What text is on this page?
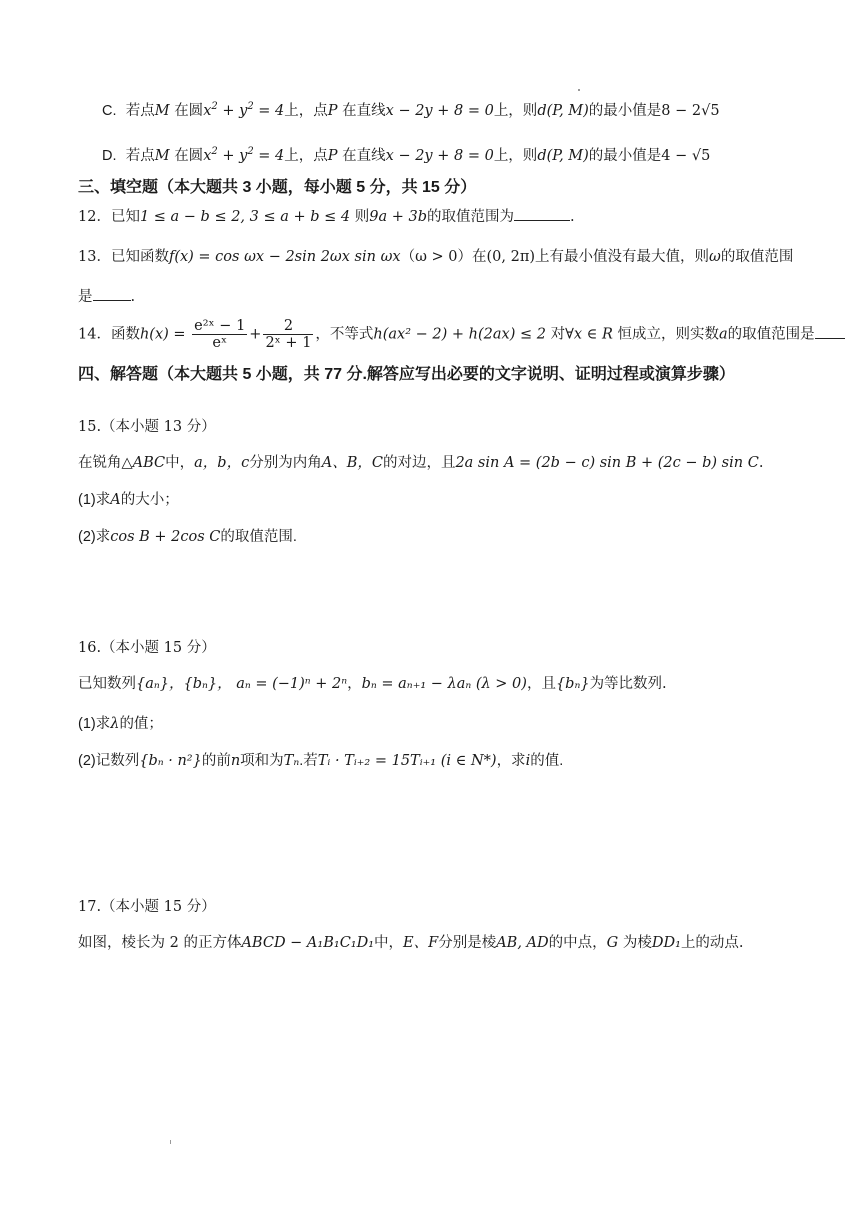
C. 若点M 在圆$x^2 + y^2 = 4$上，点P 在直线x − 2y + 8 = 0上，则d(P, M)的最小值是8 − 2√5
D. 若点M 在圆$x^2 + y^2 = 4$上，点P 在直线x − 2y + 8 = 0上，则d(P, M)的最小值是4 − √5
三、填空题（本大题共 3 小题，每小题 5 分，共 15 分）
12．已知1 ≤ a − b ≤ 2, 3 ≤ a + b ≤ 4 则9a + 3b的取值范围为	.
13．已知函数f(x) = cos ωx − 2sin 2ωx sin ωx（ω > 0）在(0, 2π)上有最小值没有最大值，则ω的取值范围
是	.
14．函数$h(x) = \frac{\text{e²ˣ − 1}}{\text{eˣ}} + \frac{2}{\text{2ˣ + 1}}$ ，不等式h(ax² − 2) + h(2ax) ≤ 2 对∀x ∈ R 恒成立，则实数a的取值范围是
四、解答题（本大题共 5 小题，共 77 分.解答应写出必要的文字说明、证明过程或演算步骤）
15.（本小题 13 分）
在锐角△ABC中，a，b，c分别为内角A、B，C的对边，且2a sin A = (2b − c) sin B + (2c − b) sin C.
(1)求A的大小；
(2)求cos B + 2cos C的取值范围.
16.（本小题 15 分）
已知数列{aₙ}，{bₙ}， aₙ = (−1)ⁿ + 2ⁿ，bₙ = aₙ₊₁ − λaₙ (λ > 0)，且{bₙ}为等比数列.
(1)求λ的值；
(2)记数列{bₙ · n²}的前n项和为Tₙ.若Tᵢ · Tᵢ₊₂ = 15Tᵢ₊₁ (i ∈ N*)，求i的值.
17.（本小题 15 分）
如图，棱长为 2 的正方体ABCD − A₁B₁C₁D₁中，E、F分别是棱AB, AD的中点，G 为棱DD₁上的动点.
